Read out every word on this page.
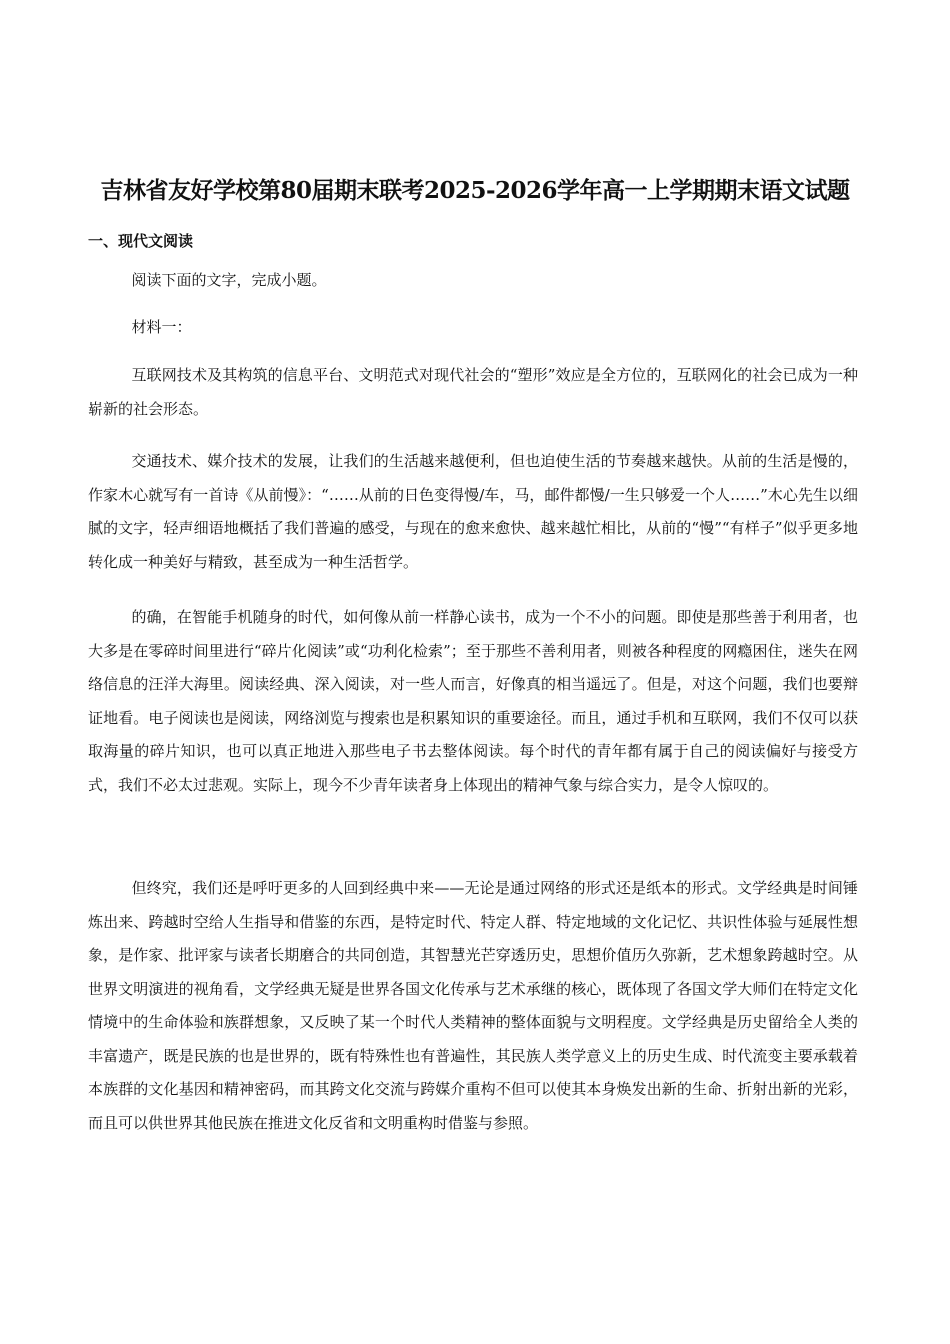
吉林省友好学校第80届期末联考2025-2026学年高一上学期期末语文试题
一、现代文阅读

阅读下面的文字，完成小题。

材料一：

互联网技术及其构筑的信息平台、文明范式对现代社会的“塑形”效应是全方位的，互联网化的社会已成为一种崭新的社会形态。

交通技术、媒介技术的发展，让我们的生活越来越便利，但也迫使生活的节奏越来越快。从前的生活是慢的，作家木心就写有一首诗《从前慢》：“……从前的日色变得慢/车，马，邮件都慢/一生只够爱一个人……”木心先生以细腻的文字，轻声细语地概括了我们普遍的感受，与现在的愈来愈快、越来越忙相比，从前的“慢”“有样子”似乎更多地转化成一种美好与精致，甚至成为一种生活哲学。

的确，在智能手机随身的时代，如何像从前一样静心读书，成为一个不小的问题。即使是那些善于利用者，也大多是在零碎时间里进行“碎片化阅读”或“功利化检索”；至于那些不善利用者，则被各种程度的网瘾困住，迷失在网络信息的汪洋大海里。阅读经典、深入阅读，对一些人而言，好像真的相当遥远了。但是，对这个问题，我们也要辩证地看。电子阅读也是阅读，网络浏览与搜索也是积累知识的重要途径。而且，通过手机和互联网，我们不仅可以获取海量的碎片知识，也可以真正地进入那些电子书去整体阅读。每个时代的青年都有属于自己的阅读偏好与接受方式，我们不必太过悲观。实际上，现今不少青年读者身上体现出的精神气象与综合实力，是令人惊叹的。

但终究，我们还是呼吁更多的人回到经典中来——无论是通过网络的形式还是纸本的形式。文学经典是时间锤炼出来、跨越时空给人生指导和借鉴的东西，是特定时代、特定人群、特定地域的文化记忆、共识性体验与延展性想象，是作家、批评家与读者长期磨合的共同创造，其智慧光芒穿透历史，思想价值历久弥新，艺术想象跨越时空。从世界文明演进的视角看，文学经典无疑是世界各国文化传承与艺术承继的核心，既体现了各国文学大师们在特定文化情境中的生命体验和族群想象，又反映了某一个时代人类精神的整体面貌与文明程度。文学经典是历史留给全人类的丰富遗产，既是民族的也是世界的，既有特殊性也有普遍性，其民族人类学意义上的历史生成、时代流变主要承载着本族群的文化基因和精神密码，而其跨文化交流与跨媒介重构不但可以使其本身焕发出新的生命、折射出新的光彩，而且可以供世界其他民族在推进文化反省和文明重构时借鉴与参照。
